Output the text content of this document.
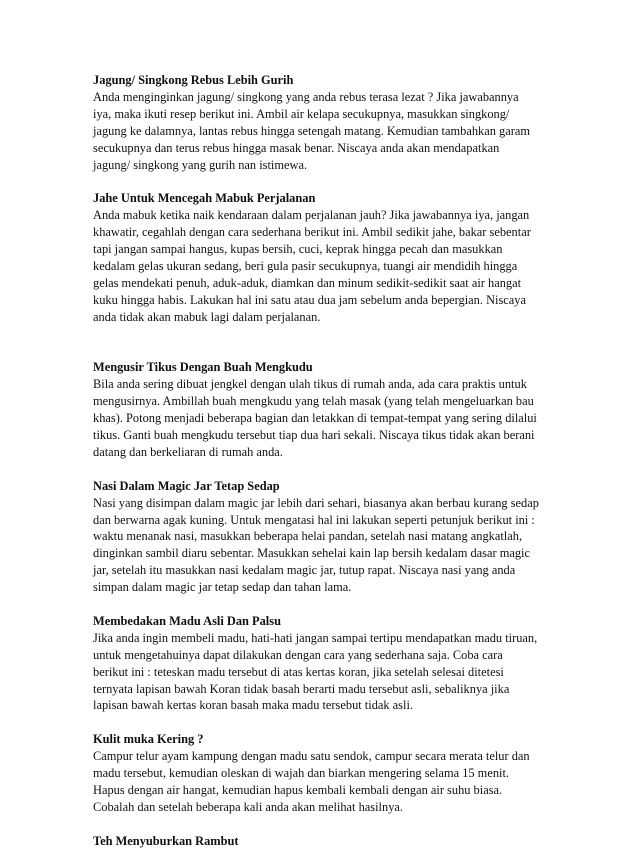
Jagung/ Singkong Rebus Lebih Gurih

Anda menginginkan jagung/ singkong yang anda rebus terasa lezat ? Jika jawabannya

iya, maka ikuti resep berikut ini. Ambil air kelapa secukupnya, masukkan singkong/

jagung ke dalamnya, lantas rebus hingga setengah matang. Kemudian tambahkan garam

secukupnya dan terus rebus hingga masak benar. Niscaya anda akan mendapatkan

jagung/ singkong yang gurih nan istimewa.

Jahe Untuk Mencegah Mabuk Perjalanan

Anda mabuk ketika naik kendaraan dalam perjalanan jauh? Jika jawabannya iya, jangan

khawatir, cegahlah dengan cara sederhana berikut ini. Ambil sedikit jahe, bakar sebentar

tapi jangan sampai hangus, kupas bersih, cuci, keprak hingga pecah dan masukkan

kedalam gelas ukuran sedang, beri gula pasir secukupnya, tuangi air mendidih hingga

gelas mendekati penuh, aduk-aduk, diamkan dan minum sedikit-sedikit saat air hangat

kuku hingga habis. Lakukan hal ini satu atau dua jam sebelum anda bepergian. Niscaya

anda tidak akan mabuk lagi dalam perjalanan.

Mengusir Tikus Dengan Buah Mengkudu

Bila anda sering dibuat jengkel dengan ulah tikus di rumah anda, ada cara praktis untuk

mengusirnya. Ambillah buah mengkudu yang telah masak (yang telah mengeluarkan bau

khas). Potong menjadi beberapa bagian dan letakkan di tempat-tempat yang sering dilalui

tikus. Ganti buah mengkudu tersebut tiap dua hari sekali. Niscaya tikus tidak akan berani

datang dan berkeliaran di rumah anda.

Nasi Dalam Magic Jar Tetap Sedap

Nasi yang disimpan dalam magic jar lebih dari sehari, biasanya akan berbau kurang sedap

dan berwarna agak kuning. Untuk mengatasi hal ini lakukan seperti petunjuk berikut ini :

waktu menanak nasi, masukkan beberapa helai pandan, setelah nasi matang angkatlah,

dinginkan sambil diaru sebentar. Masukkan sehelai kain lap bersih kedalam dasar magic

jar, setelah itu masukkan nasi kedalam magic jar, tutup rapat. Niscaya nasi yang anda

simpan dalam magic jar tetap sedap dan tahan lama.

Membedakan Madu Asli Dan Palsu

Jika anda ingin membeli madu, hati-hati jangan sampai tertipu mendapatkan madu tiruan,

untuk mengetahuinya dapat dilakukan dengan cara yang sederhana saja. Coba cara

berikut ini : teteskan madu tersebut di atas kertas koran, jika setelah selesai ditetesi

ternyata lapisan bawah Koran tidak basah berarti madu tersebut asli, sebaliknya jika

lapisan bawah kertas koran basah maka madu tersebut tidak asli.

Kulit muka Kering ?

Campur telur ayam kampung dengan madu satu sendok, campur secara merata telur dan

madu tersebut, kemudian oleskan di wajah dan biarkan mengering selama 15 menit.

Hapus dengan air hangat, kemudian hapus kembali kembali dengan air suhu biasa.

Cobalah dan setelah beberapa kali anda akan melihat hasilnya.

Teh Menyuburkan Rambut
